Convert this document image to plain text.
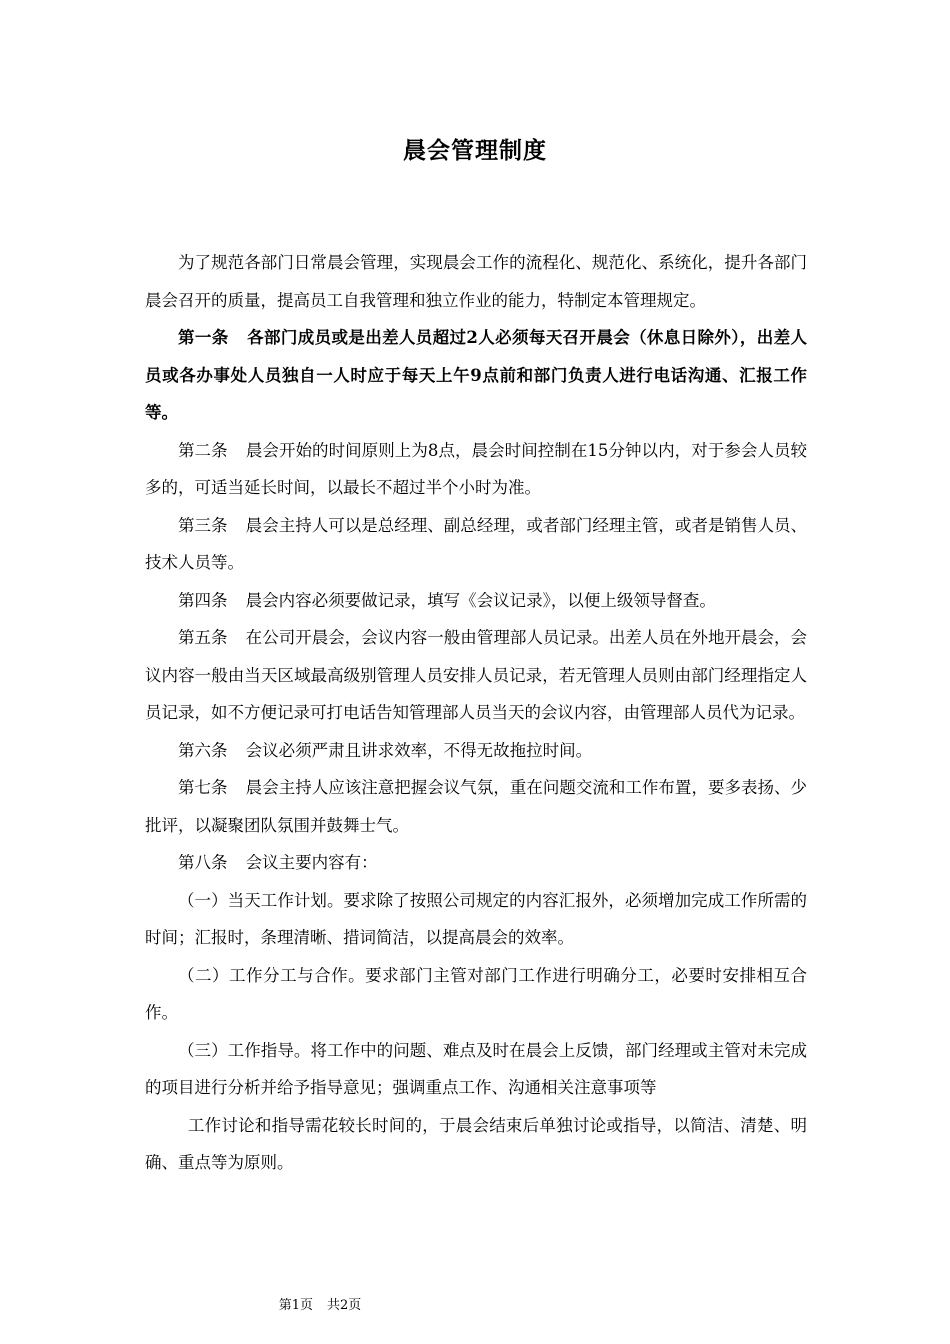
晨会管理制度

为了规范各部门日常晨会管理，实现晨会工作的流程化、规范化、系统化，提升各部门晨会召开的质量，提高员工自我管理和独立作业的能力，特制定本管理规定。

第一条 各部门成员或是出差人员超过2人必须每天召开晨会（休息日除外），出差人员或各办事处人员独自一人时应于每天上午9点前和部门负责人进行电话沟通、汇报工作等。

第二条 晨会开始的时间原则上为8点，晨会时间控制在15分钟以内，对于参会人员较多的，可适当延长时间，以最长不超过半个小时为准。

第三条 晨会主持人可以是总经理、副总经理，或者部门经理主管，或者是销售人员、技术人员等。

第四条 晨会内容必须要做记录，填写《会议记录》，以便上级领导督查。

第五条 在公司开晨会，会议内容一般由管理部人员记录。出差人员在外地开晨会，会议内容一般由当天区域最高级别管理人员安排人员记录，若无管理人员则由部门经理指定人员记录，如不方便记录可打电话告知管理部人员当天的会议内容，由管理部人员代为记录。

第六条 会议必须严肃且讲求效率，不得无故拖拉时间。

第七条 晨会主持人应该注意把握会议气氛，重在问题交流和工作布置，要多表扬、少批评，以凝聚团队氛围并鼓舞士气。

第八条 会议主要内容有：

（一）当天工作计划。要求除了按照公司规定的内容汇报外，必须增加完成工作所需的时间；汇报时，条理清晰、措词简洁，以提高晨会的效率。

（二）工作分工与合作。要求部门主管对部门工作进行明确分工，必要时安排相互合作。

（三）工作指导。将工作中的问题、难点及时在晨会上反馈，部门经理或主管对未完成的项目进行分析并给予指导意见；强调重点工作、沟通相关注意事项等

工作讨论和指导需花较长时间的，于晨会结束后单独讨论或指导，以简洁、清楚、明确、重点等为原则。

第1页 共2页
